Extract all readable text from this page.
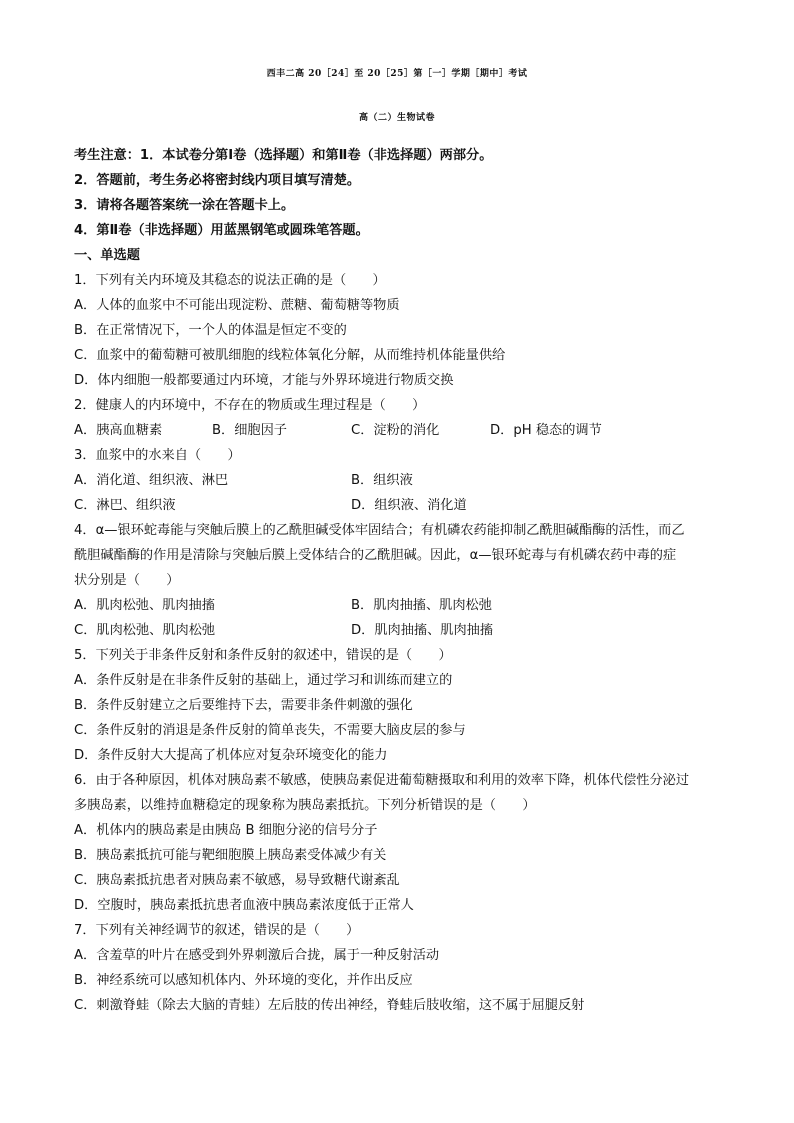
西丰二高 20［24］至 20［25］第［一］学期［期中］考试
高（二）生物试卷
考生注意：1．本试卷分第Ⅰ卷（选择题）和第Ⅱ卷（非选择题）两部分。
2．答题前，考生务必将密封线内项目填写清楚。
3．请将各题答案统一涂在答题卡上。
4．第Ⅱ卷（非选择题）用蓝黑钢笔或圆珠笔答题。
一、单选题
1．下列有关内环境及其稳态的说法正确的是（　　）
A．人体的血浆中不可能出现淀粉、蔗糖、葡萄糖等物质
B．在正常情况下，一个人的体温是恒定不变的
C．血浆中的葡萄糖可被肌细胞的线粒体氧化分解，从而维持机体能量供给
D．体内细胞一般都要通过内环境，才能与外界环境进行物质交换
2．健康人的内环境中，不存在的物质或生理过程是（　　）
A．胰高血糖素	B．细胞因子	C．淀粉的消化	D．pH 稳态的调节
3．血浆中的水来自（　　）
A．消化道、组织液、淋巴	B．组织液
C．淋巴、组织液	D．组织液、消化道
4．α—银环蛇毒能与突触后膜上的乙酰胆碱受体牢固结合；有机磷农药能抑制乙酰胆碱酯酶的活性，而乙
酰胆碱酯酶的作用是清除与突触后膜上受体结合的乙酰胆碱。因此，α—银环蛇毒与有机磷农药中毒的症
状分别是（　　）
A．肌肉松弛、肌肉抽搐	B．肌肉抽搐、肌肉松弛
C．肌肉松弛、肌肉松弛	D．肌肉抽搐、肌肉抽搐
5．下列关于非条件反射和条件反射的叙述中，错误的是（　　）
A．条件反射是在非条件反射的基础上，通过学习和训练而建立的
B．条件反射建立之后要维持下去，需要非条件刺激的强化
C．条件反射的消退是条件反射的简单丧失，不需要大脑皮层的参与
D．条件反射大大提高了机体应对复杂环境变化的能力
6．由于各种原因，机体对胰岛素不敏感，使胰岛素促进葡萄糖摄取和利用的效率下降，机体代偿性分泌过
多胰岛素，以维持血糖稳定的现象称为胰岛素抵抗。下列分析错误的是（　　）
A．机体内的胰岛素是由胰岛 B 细胞分泌的信号分子
B．胰岛素抵抗可能与靶细胞膜上胰岛素受体减少有关
C．胰岛素抵抗患者对胰岛素不敏感，易导致糖代谢紊乱
D．空腹时，胰岛素抵抗患者血液中胰岛素浓度低于正常人
7．下列有关神经调节的叙述，错误的是（　　）
A．含羞草的叶片在感受到外界刺激后合拢，属于一种反射活动
B．神经系统可以感知机体内、外环境的变化，并作出反应
C．刺激脊蛙（除去大脑的青蛙）左后肢的传出神经，脊蛙后肢收缩，这不属于屈腿反射
